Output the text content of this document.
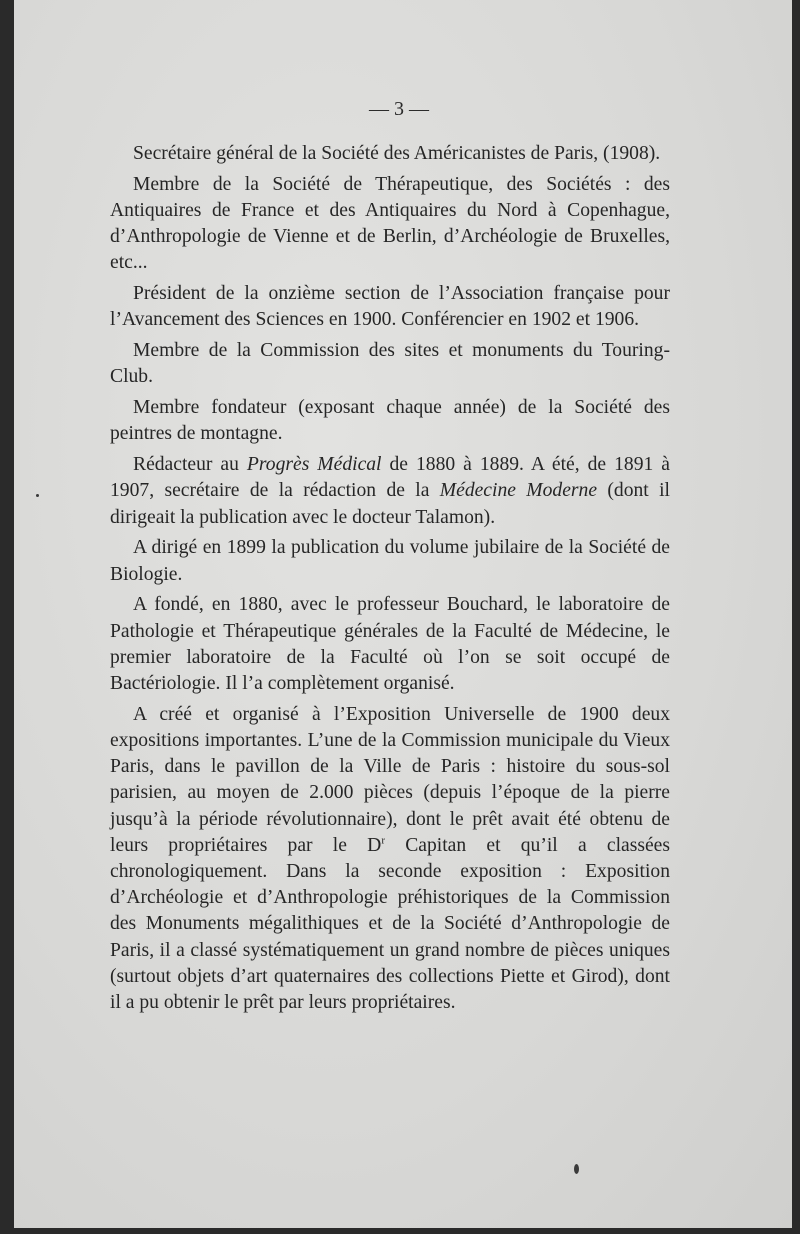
— 3 —

Secrétaire général de la Société des Américanistes de Paris, (1908).

Membre de la Société de Thérapeutique, des Sociétés : des Antiquaires de France et des Antiquaires du Nord à Copenhague, d’Anthropologie de Vienne et de Berlin, d’Archéologie de Bruxelles, etc...

Président de la onzième section de l’Association française pour l’Avancement des Sciences en 1900. Conférencier en 1902 et 1906.

Membre de la Commission des sites et monuments du Touring-Club.

Membre fondateur (exposant chaque année) de la Société des peintres de montagne.

Rédacteur au Progrès Médical de 1880 à 1889. A été, de 1891 à 1907, secrétaire de la rédaction de la Médecine Moderne (dont il dirigeait la publication avec le docteur Talamon).

A dirigé en 1899 la publication du volume jubilaire de la Société de Biologie.

A fondé, en 1880, avec le professeur Bouchard, le laboratoire de Pathologie et Thérapeutique générales de la Faculté de Médecine, le premier laboratoire de la Faculté où l’on se soit occupé de Bactériologie. Il l’a complètement organisé.

A créé et organisé à l’Exposition Universelle de 1900 deux expositions importantes. L’une de la Commission municipale du Vieux Paris, dans le pavillon de la Ville de Paris : histoire du sous-sol parisien, au moyen de 2.000 pièces (depuis l’époque de la pierre jusqu’à la période révolutionnaire), dont le prêt avait été obtenu de leurs propriétaires par le $D^r$ Capitan et qu’il a classées chronologiquement. Dans la seconde exposition : Exposition d’Archéologie et d’Anthropologie préhistoriques de la Commission des Monuments mégalithiques et de la Société d’Anthropologie de Paris, il a classé systématiquement un grand nombre de pièces uniques (surtout objets d’art quaternaires des collections Piette et Girod), dont il a pu obtenir le prêt par leurs propriétaires.
